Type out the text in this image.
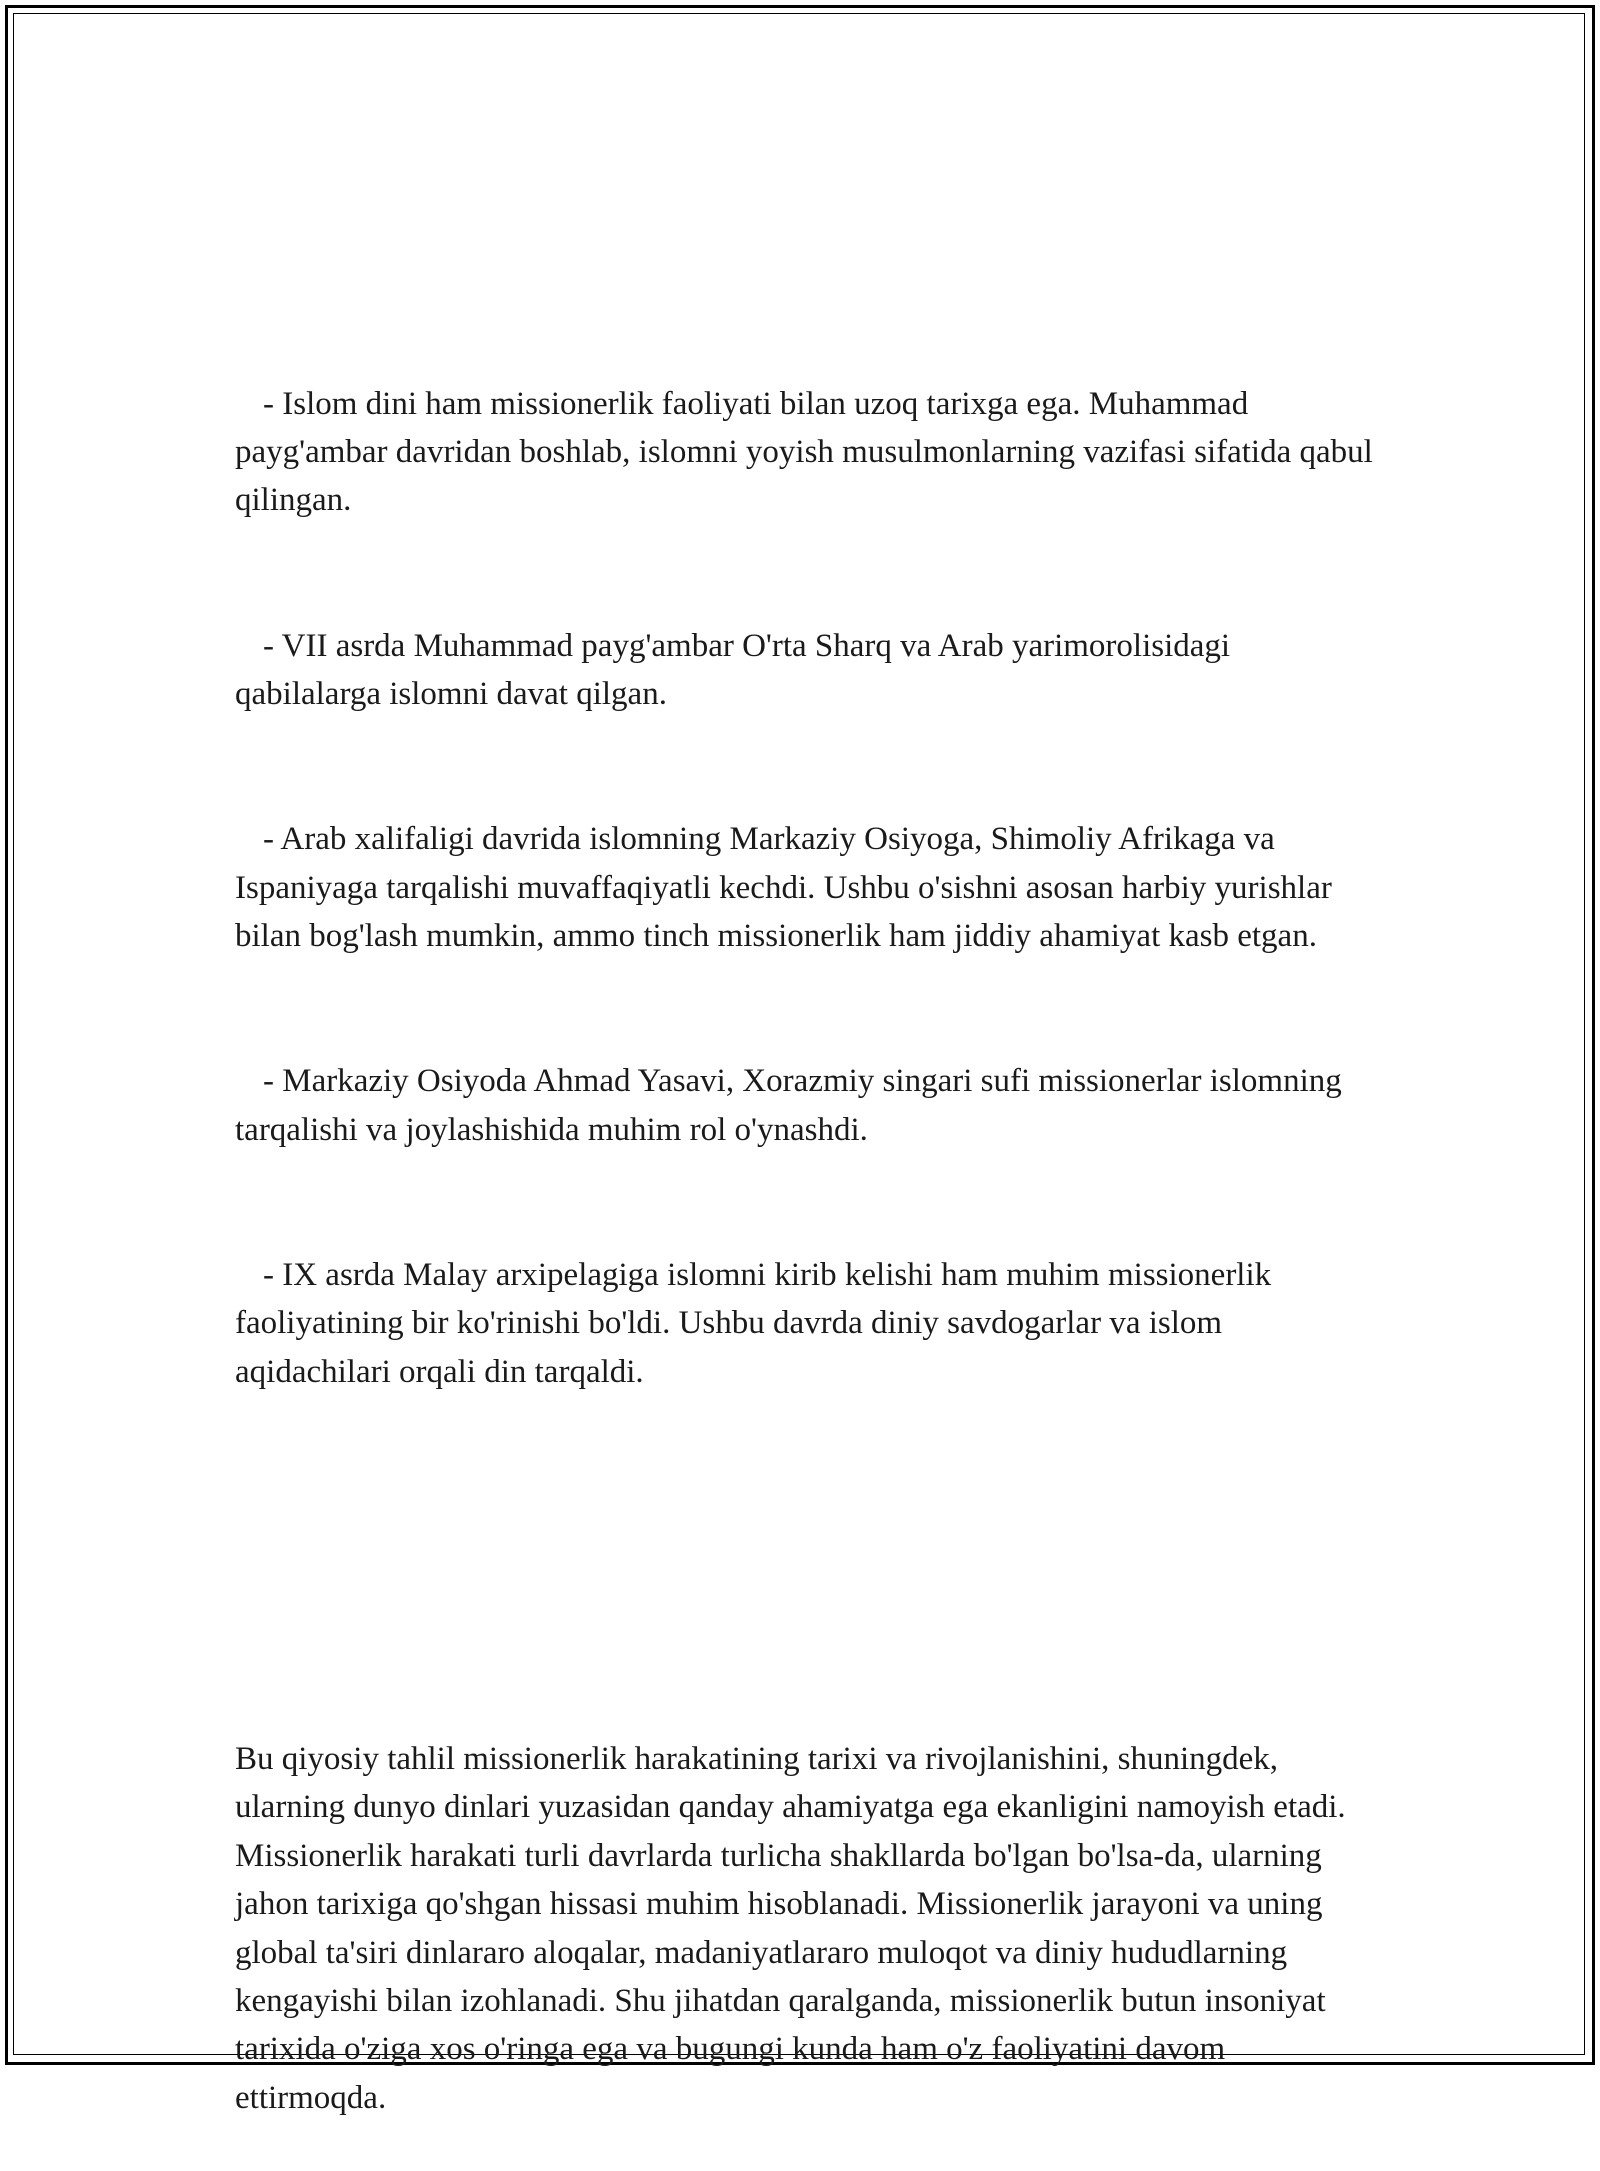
- Islom dini ham missionerlik faoliyati bilan uzoq tarixga ega. Muhammad payg'ambar davridan boshlab, islomni yoyish musulmonlarning vazifasi sifatida qabul qilingan.

- VII asrda Muhammad payg'ambar O'rta Sharq va Arab yarimorolisidagi qabilalarga islomni davat qilgan.

- Arab xalifaligi davrida islomning Markaziy Osiyoga, Shimoliy Afrikaga va Ispaniyaga tarqalishi muvaffaqiyatli kechdi. Ushbu o'sishni asosan harbiy yurishlar bilan bog'lash mumkin, ammo tinch missionerlik ham jiddiy ahamiyat kasb etgan.

- Markaziy Osiyoda Ahmad Yasavi, Xorazmiy singari sufi missionerlar islomning tarqalishi va joylashishida muhim rol o'ynashdi.

- IX asrda Malay arxipelagiga islomni kirib kelishi ham muhim missionerlik faoliyatining bir ko'rinishi bo'ldi. Ushbu davrda diniy savdogarlar va islom aqidachilari orqali din tarqaldi.

Bu qiyosiy tahlil missionerlik harakatining tarixi va rivojlanishini, shuningdek, ularning dunyo dinlari yuzasidan qanday ahamiyatga ega ekanligini namoyish etadi. Missionerlik harakati turli davrlarda turlicha shakllarda bo'lgan bo'lsa-da, ularning jahon tarixiga qo'shgan hissasi muhim hisoblanadi. Missionerlik jarayoni va uning global ta'siri dinlararo aloqalar, madaniyatlararo muloqot va diniy hududlarning kengayishi bilan izohlanadi. Shu jihatdan qaralganda, missionerlik butun insoniyat tarixida o'ziga xos o'ringa ega va bugungi kunda ham o'z faoliyatini davom ettirmoqda.
